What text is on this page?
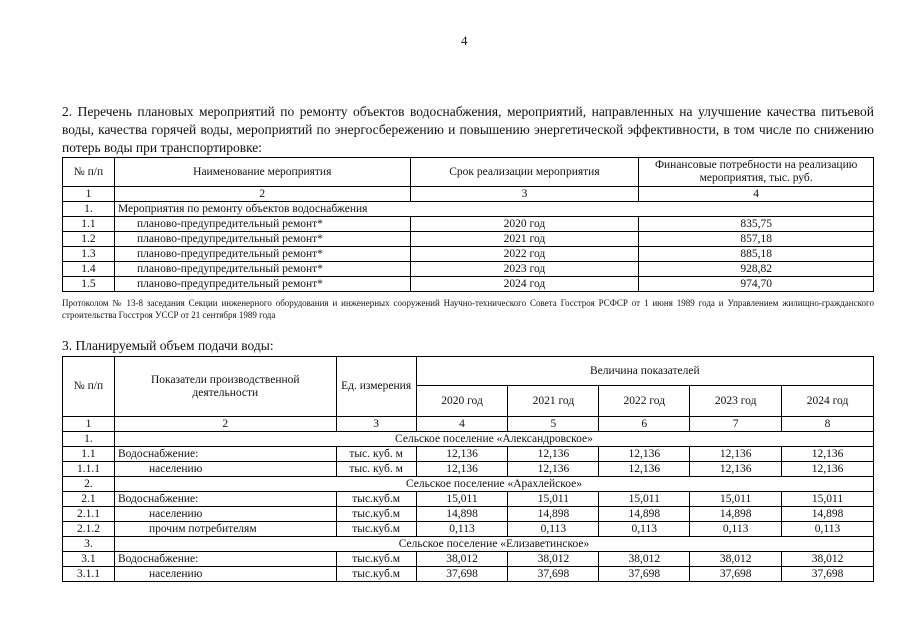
4
2. Перечень плановых мероприятий по ремонту объектов водоснабжения, мероприятий, направленных на улучшение качества питьевой воды, качества горячей воды, мероприятий по энергосбережению и повышению энергетической эффективности, в том числе по снижению потерь воды при транспортировке:
№ п/п	Наименование мероприятия	Срок реализации мероприятия	Финансовые потребности на реализацию мероприятия, тыс. руб.
1	2	3	4
1.	Мероприятия по ремонту объектов водоснабжения		
1.1	планово-предупредительный ремонт*	2020 год	835,75
1.2	планово-предупредительный ремонт*	2021 год	857,18
1.3	планово-предупредительный ремонт*	2022 год	885,18
1.4	планово-предупредительный ремонт*	2023 год	928,82
1.5	планово-предупредительный ремонт*	2024 год	974,70
Протоколом № 13-8 заседания Секции инженерного оборудования и инженерных сооружений Научно-технического Совета Госстроя РСФСР от 1 июня 1989 года и Управлением жилищно-гражданского строительства Госстроя УССР от 21 сентября 1989 года
3. Планируемый объем подачи воды:
№ п/п	Показатели производственной деятельности	Ед. измерения	Величина показателей				
			2020 год	2021 год	2022 год	2023 год	2024 год
1	2	3	4	5	6	7	8
1.	Сельское поселение «Александровское»						
1.1	Водоснабжение:	тыс. куб. м	12,136	12,136	12,136	12,136	12,136
1.1.1	населению	тыс. куб. м	12,136	12,136	12,136	12,136	12,136
2.	Сельское поселение «Арахлейское»						
2.1	Водоснабжение:	тыс.куб.м	15,011	15,011	15,011	15,011	15,011
2.1.1	населению	тыс.куб.м	14,898	14,898	14,898	14,898	14,898
2.1.2	прочим потребителям	тыс.куб.м	0,113	0,113	0,113	0,113	0,113
3.	Сельское поселение «Елизаветинское»						
3.1	Водоснабжение:	тыс.куб.м	38,012	38,012	38,012	38,012	38,012
3.1.1	населению	тыс.куб.м	37,698	37,698	37,698	37,698	37,698
